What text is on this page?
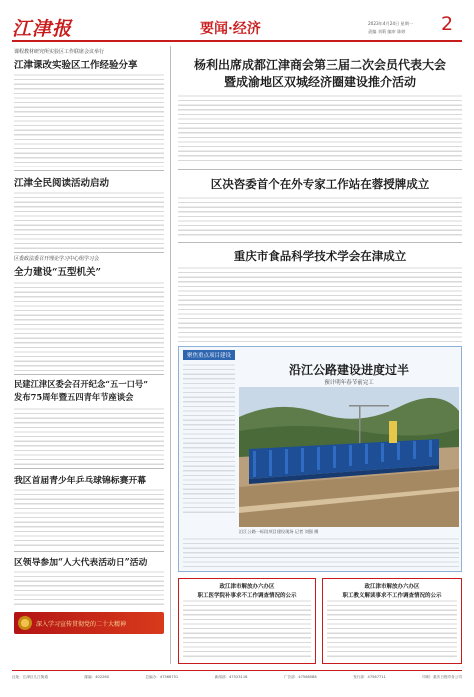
江津报	要闻·经济	2023年4月24日 星期一
责编 刘莉 编审 陈婷 2
课程教材研究所实验区工作联席会议举行
江津课改实验区工作经验分享
江津全民阅读活动启动
区委政法委召开理论学习中心组学习会
全力建设“五型机关”
民建江津区委会召开纪念“五一口号”
发布75周年暨五四青年节座谈会
我区首届青少年乒乓球锦标赛开幕
区领导参加“人大代表活动日”活动
深入学习宣传贯彻党的二十大精神
杨利出席成都江津商会第三届二次会员代表大会
暨成渝地区双城经济圈建设推介活动
区决咨委首个在外专家工作站在蓉授牌成立
重庆市食品科学技术学会在津成立
聚焦重点项目建设
沿江公路建设进度过半
预计明年春节前完工
沿江公路一标段项目建设现场 记者 刘强 摄
政江津市解放办六办区
职工医学院补事求不工作调查情况的公示
政江津市解放办六办区
职工教义解读事求不工作调查情况的公示
社址：江津区几江街道	邮编：402260	总编办：47566751	新闻部：47523116	广告部：47568588	发行部：47567711	印刷：重庆日报印务公司
